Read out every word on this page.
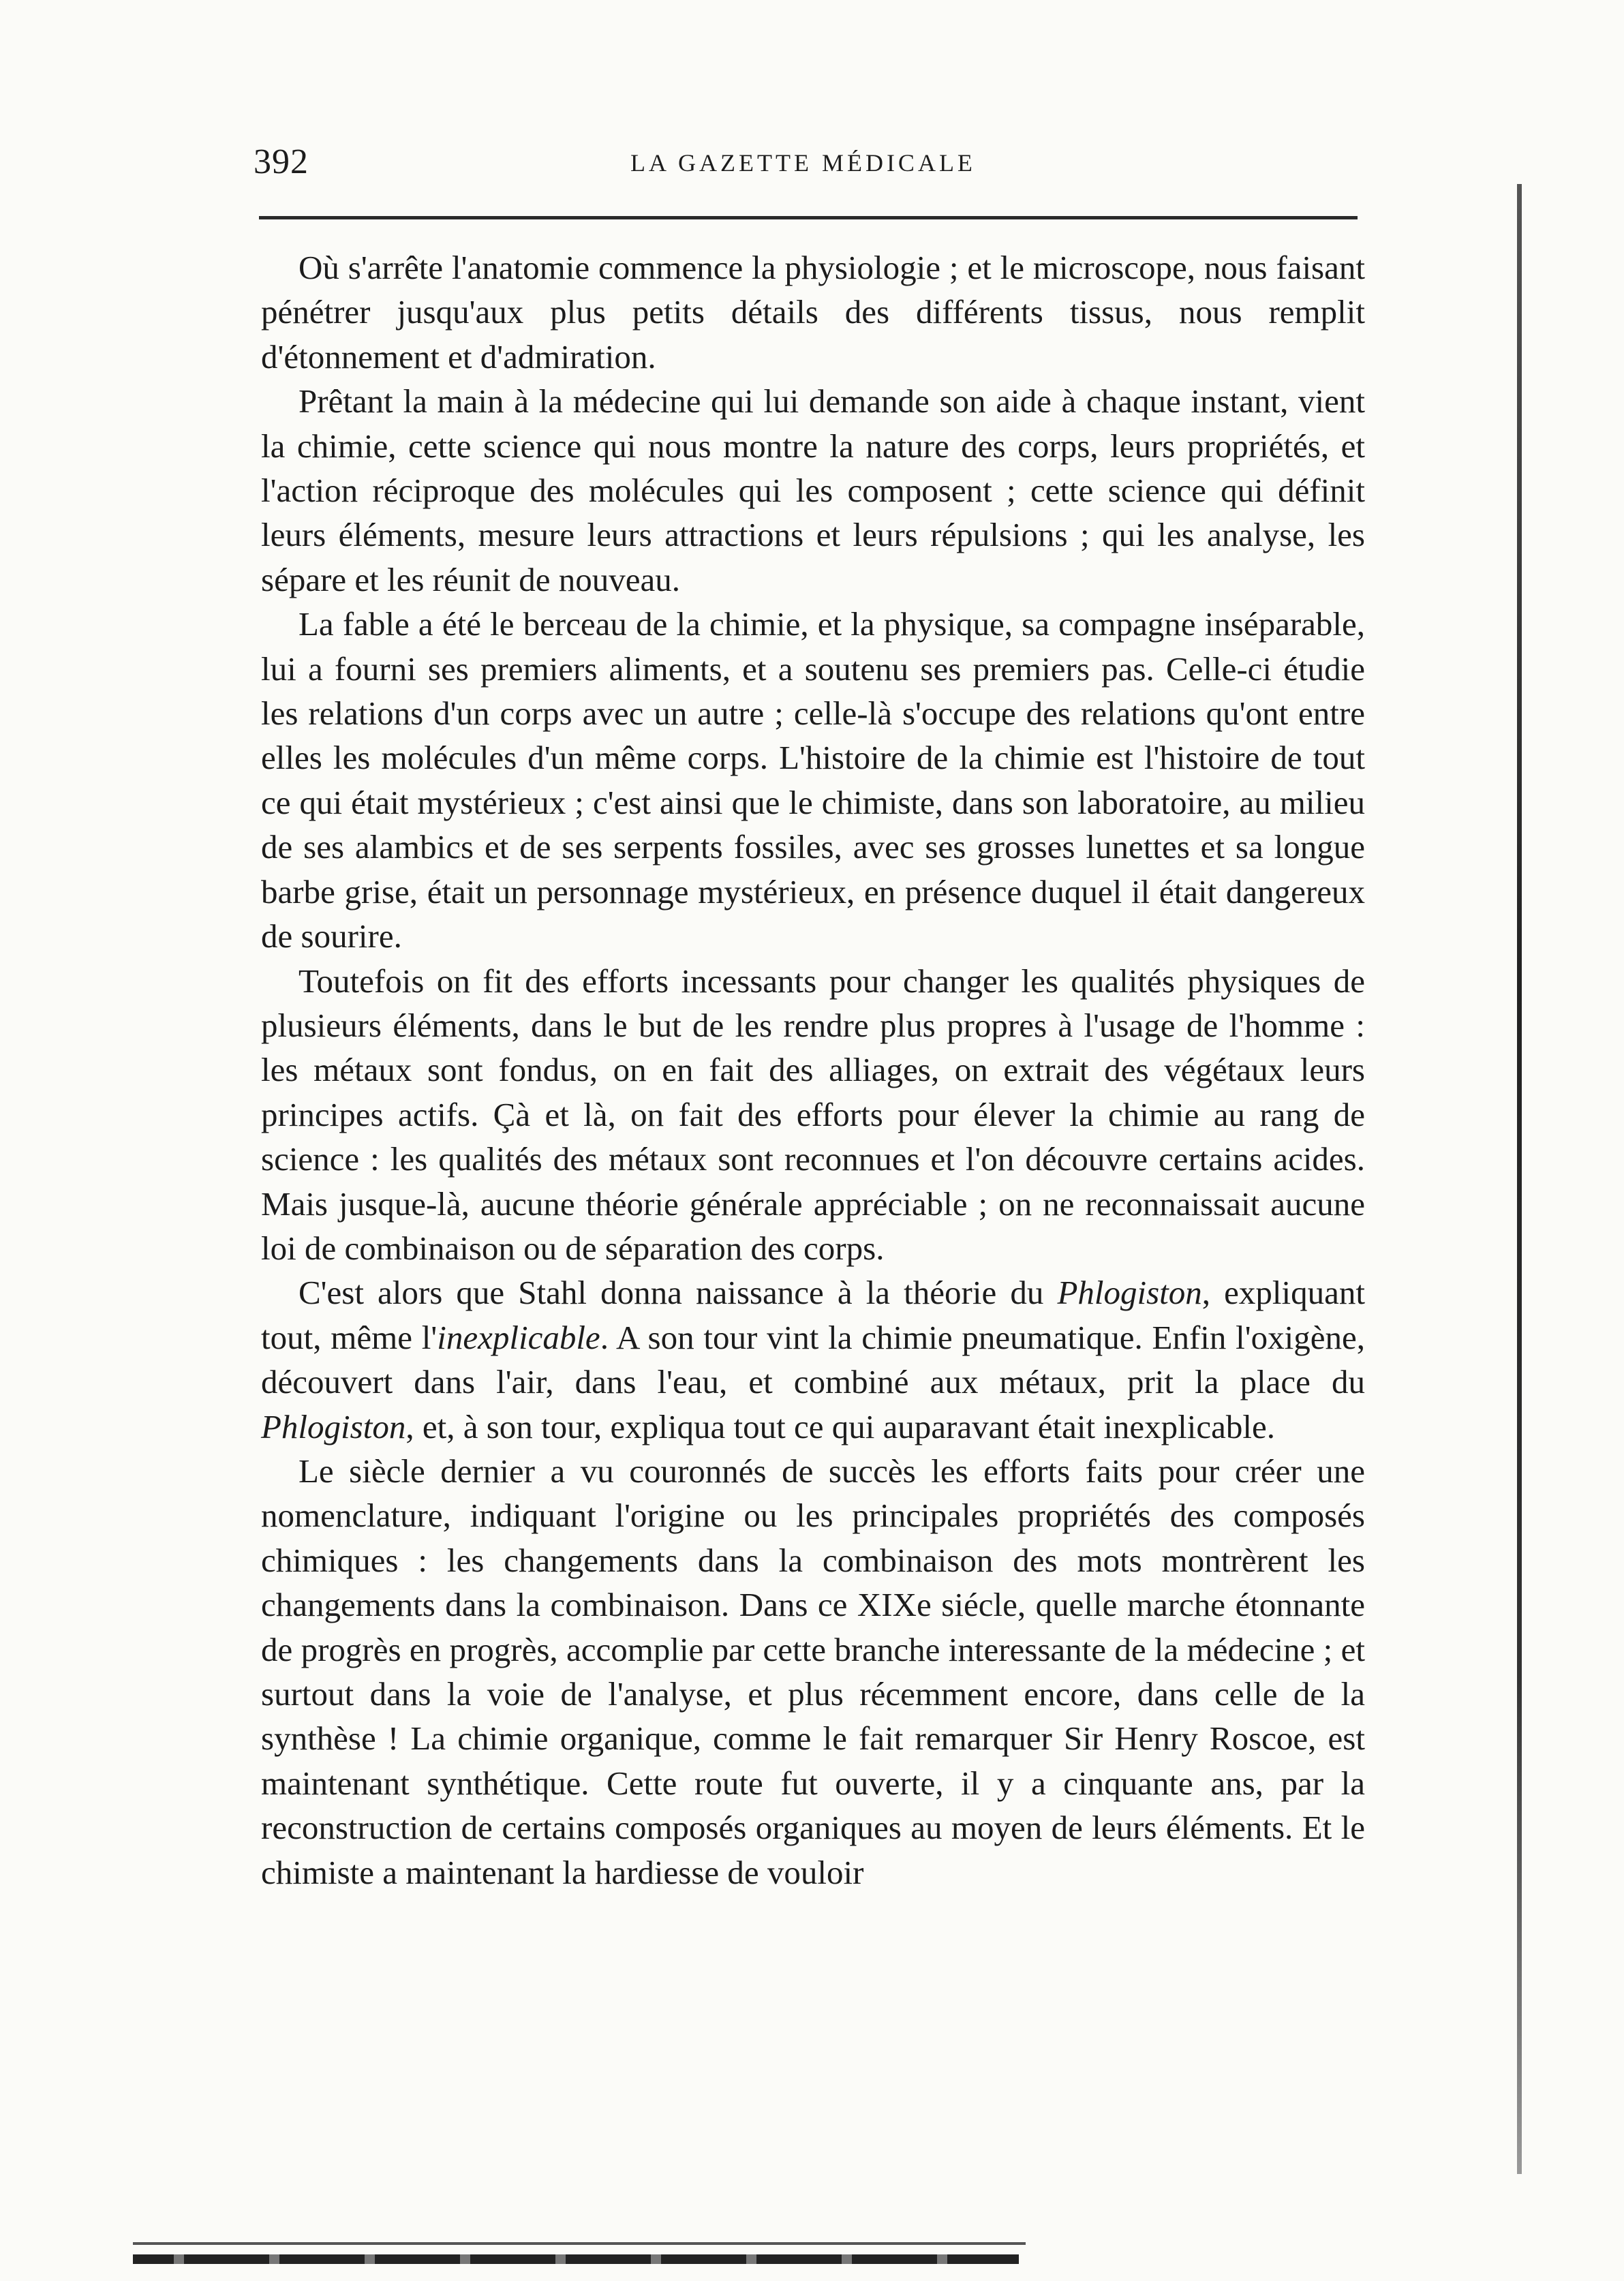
392	LA GAZETTE MÉDICALE

Où s'arrête l'anatomie commence la physiologie ; et le microscope, nous faisant pénétrer jusqu'aux plus petits détails des différents tissus, nous remplit d'étonnement et d'admiration.

Prêtant la main à la médecine qui lui demande son aide à chaque instant, vient la chimie, cette science qui nous montre la nature des corps, leurs propriétés, et l'action réciproque des molécules qui les composent ; cette science qui définit leurs éléments, mesure leurs attractions et leurs répulsions ; qui les analyse, les sépare et les réunit de nouveau.

La fable a été le berceau de la chimie, et la physique, sa compagne inséparable, lui a fourni ses premiers aliments, et a soutenu ses premiers pas. Celle-ci étudie les relations d'un corps avec un autre ; celle-là s'occupe des relations qu'ont entre elles les molécules d'un même corps. L'histoire de la chimie est l'histoire de tout ce qui était mystérieux ; c'est ainsi que le chimiste, dans son laboratoire, au milieu de ses alambics et de ses serpents fossiles, avec ses grosses lunettes et sa longue barbe grise, était un personnage mystérieux, en présence duquel il était dangereux de sourire.

Toutefois on fit des efforts incessants pour changer les qualités physiques de plusieurs éléments, dans le but de les rendre plus propres à l'usage de l'homme : les métaux sont fondus, on en fait des alliages, on extrait des végétaux leurs principes actifs. Çà et là, on fait des efforts pour élever la chimie au rang de science : les qualités des métaux sont reconnues et l'on découvre certains acides. Mais jusque-là, aucune théorie générale appréciable ; on ne reconnaissait aucune loi de combinaison ou de séparation des corps.

C'est alors que Stahl donna naissance à la théorie du Phlogiston, expliquant tout, même l'inexplicable. A son tour vint la chimie pneumatique. Enfin l'oxigène, découvert dans l'air, dans l'eau, et combiné aux métaux, prit la place du Phlogiston, et, à son tour, expliqua tout ce qui auparavant était inexplicable.

Le siècle dernier a vu couronnés de succès les efforts faits pour créer une nomenclature, indiquant l'origine ou les principales propriétés des composés chimiques : les changements dans la combinaison des mots montrèrent les changements dans la combinaison. Dans ce XIXe siécle, quelle marche étonnante de progrès en progrès, accomplie par cette branche interessante de la médecine ; et surtout dans la voie de l'analyse, et plus récemment encore, dans celle de la synthèse ! La chimie organique, comme le fait remarquer Sir Henry Roscoe, est maintenant synthétique. Cette route fut ouverte, il y a cinquante ans, par la reconstruction de certains composés organiques au moyen de leurs éléments. Et le chimiste a maintenant la hardiesse de vouloir
